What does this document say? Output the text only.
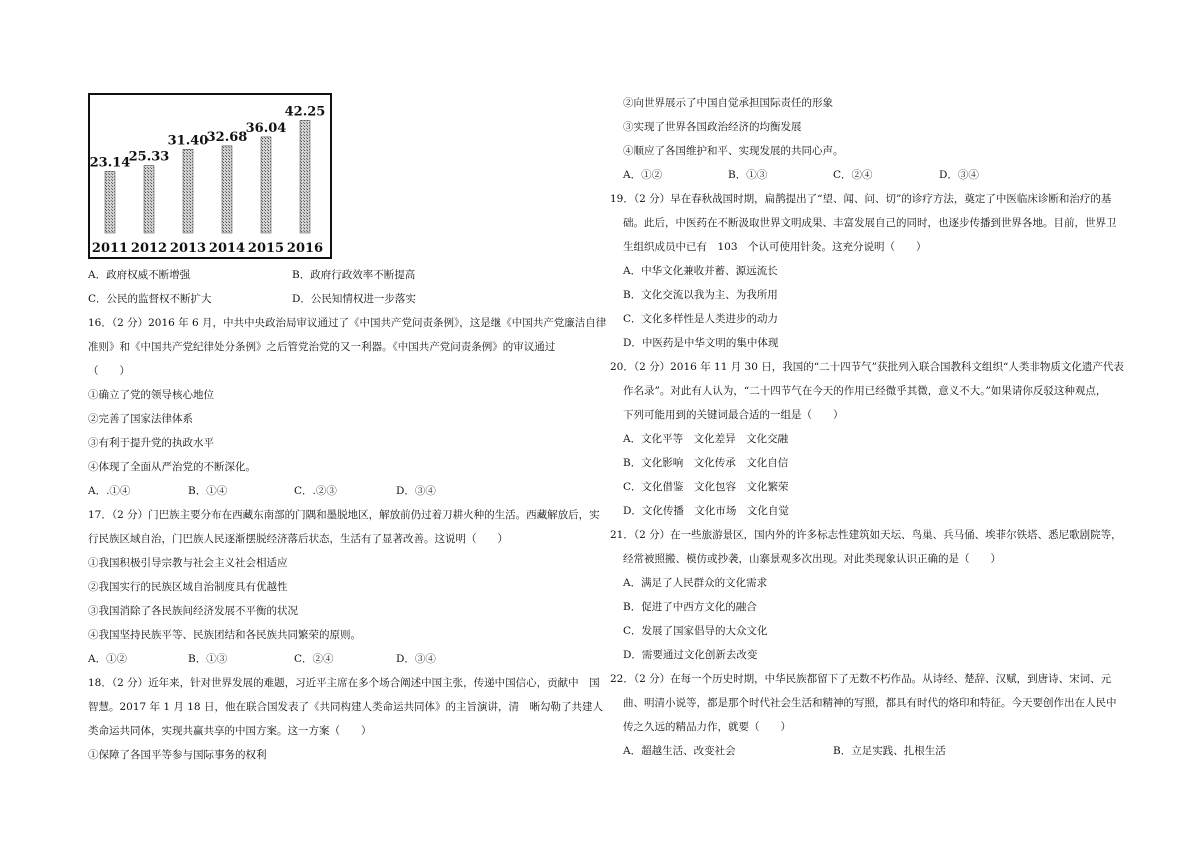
23.14
2011
25.33
2012
31.40
2013
32.68
2014
36.04
2015
42.25
2016
A．政府权威不断增强	B．政府行政效率不断提高
C．公民的监督权不断扩大	D．公民知情权进一步落实
16．（2 分）2016 年 6 月，中共中央政治局审议通过了《中国共产党问责条例》，这是继《中国共产党廉洁自律
准则》和《中国共产党纪律处分条例》之后管党治党的又一利器。《中国共产党问责条例》的审议通过
（　　）
①确立了党的领导核心地位
②完善了国家法律体系
③有利于提升党的执政水平
④体现了全面从严治党的不断深化。
A．.①④	B．①④	C．.②③	D．③④
17．（2 分）门巴族主要分布在西藏东南部的门隅和墨脱地区，解放前仍过着刀耕火种的生活。西藏解放后，实
行民族区域自治，门巴族人民逐渐摆脱经济落后状态，生活有了显著改善。这说明（　　）
①我国积极引导宗教与社会主义社会相适应
②我国实行的民族区域自治制度具有优越性
③我国消除了各民族间经济发展不平衡的状况
④我国坚持民族平等、民族团结和各民族共同繁荣的原则。
A．①②	B．①③	C．②④	D．③④
18．（2 分）近年来，针对世界发展的难题，习近平主席在多个场合阐述中国主张，传递中国信心，贡献中　国
智慧。2017 年 1 月 18 日，他在联合国发表了《共同构建人类命运共同体》的主旨演讲，清　晰勾勒了共建人
类命运共同体，实现共赢共享的中国方案。这一方案（　　）
①保障了各国平等参与国际事务的权利
②向世界展示了中国自觉承担国际责任的形象
③实现了世界各国政治经济的均衡发展
④顺应了各国维护和平、实现发展的共同心声。
A．①②	B．①③	C．②④	D．③④
19．（2 分）早在春秋战国时期，扁鹊提出了“望、闻、问、切”的诊疗方法，奠定了中医临床诊断和治疗的基
础。此后，中医药在不断汲取世界文明成果、丰富发展自己的同时，也逐步传播到世界各地。目前，世界卫
生组织成员中已有　103　个认可使用针灸。这充分说明（　　）
A．中华文化兼收并蓄、源远流长
B．文化交流以我为主、为我所用
C．文化多样性是人类进步的动力
D．中医药是中华文明的集中体现
20．（2 分）2016 年 11 月 30 日，我国的“二十四节气”获批列入联合国教科文组织“人类非物质文化遗产代表
作名录”。对此有人认为，“二十四节气在今天的作用已经微乎其微，意义不大。”如果请你反驳这种观点，
下列可能用到的关键词最合适的一组是（　　）
A．文化平等　文化差异　文化交融
B．文化影响　文化传承　文化自信
C．文化借鉴　文化包容　文化繁荣
D．文化传播　文化市场　文化自觉
21．（2 分）在一些旅游景区，国内外的许多标志性建筑如天坛、鸟巢、兵马俑、埃菲尔铁塔、悉尼歌剧院等，
经常被照搬、模仿或抄袭，山寨景观多次出现。对此类现象认识正确的是（　　）
A．满足了人民群众的文化需求
B．促进了中西方文化的融合
C．发展了国家倡导的大众文化
D．需要通过文化创新去改变
22．（2 分）在每一个历史时期，中华民族都留下了无数不朽作品。从诗经、楚辞、汉赋，到唐诗、宋词、元
曲、明清小说等，都是那个时代社会生活和精神的写照，都具有时代的烙印和特征。今天要创作出在人民中
传之久远的精品力作，就要（　　）
A．超越生活、改变社会	B．立足实践、扎根生活
